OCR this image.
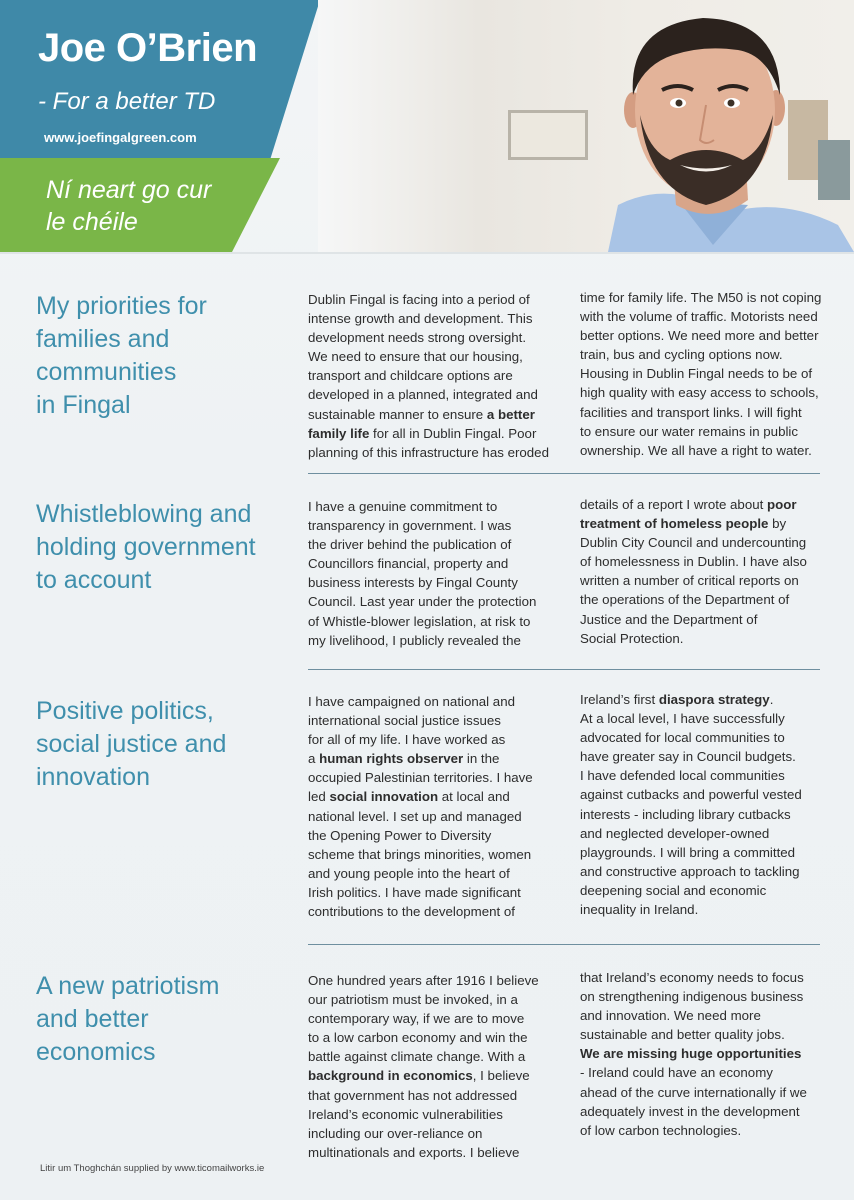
Joe O’Brien
- For a better TD
www.joefingalgreen.com
Ní neart go cur
le chéile
My priorities for
families and
communities
in Fingal
Dublin Fingal is facing into a period of
intense growth and development. This
development needs strong oversight.
We need to ensure that our housing,
transport and childcare options are
developed in a planned, integrated and
sustainable manner to ensure a better
family life for all in Dublin Fingal. Poor
planning of this infrastructure has eroded
time for family life. The M50 is not coping
with the volume of traffic. Motorists need
better options. We need more and better
train, bus and cycling options now.
Housing in Dublin Fingal needs to be of
high quality with easy access to schools,
facilities and transport links. I will fight
to ensure our water remains in public
ownership. We all have a right to water.
Whistleblowing and
holding government
to account
I have a genuine commitment to
transparency in government. I was
the driver behind the publication of
Councillors financial, property and
business interests by Fingal County
Council. Last year under the protection
of Whistle-blower legislation, at risk to
my livelihood, I publicly revealed the
details of a report I wrote about poor
treatment of homeless people by
Dublin City Council and undercounting
of homelessness in Dublin. I have also
written a number of critical reports on
the operations of the Department of
Justice and the Department of
Social Protection.
Positive politics,
social justice and
innovation
I have campaigned on national and
international social justice issues
for all of my life. I have worked as
a human rights observer in the
occupied Palestinian territories. I have
led social innovation at local and
national level. I set up and managed
the Opening Power to Diversity
scheme that brings minorities, women
and young people into the heart of
Irish politics. I have made significant
contributions to the development of
Ireland’s first diaspora strategy.
At a local level, I have successfully
advocated for local communities to
have greater say in Council budgets.
I have defended local communities
against cutbacks and powerful vested
interests - including library cutbacks
and neglected developer-owned
playgrounds. I will bring a committed
and constructive approach to tackling
deepening social and economic
inequality in Ireland.
A new patriotism
and better
economics
One hundred years after 1916 I believe
our patriotism must be invoked, in a
contemporary way, if we are to move
to a low carbon economy and win the
battle against climate change. With a
background in economics, I believe
that government has not addressed
Ireland’s economic vulnerabilities
including our over-reliance on
multinationals and exports. I believe
that Ireland’s economy needs to focus
on strengthening indigenous business
and innovation. We need more
sustainable and better quality jobs.
We are missing huge opportunities
- Ireland could have an economy
ahead of the curve internationally if we
adequately invest in the development
of low carbon technologies.
Litir um Thoghchán supplied by www.ticomailworks.ie
